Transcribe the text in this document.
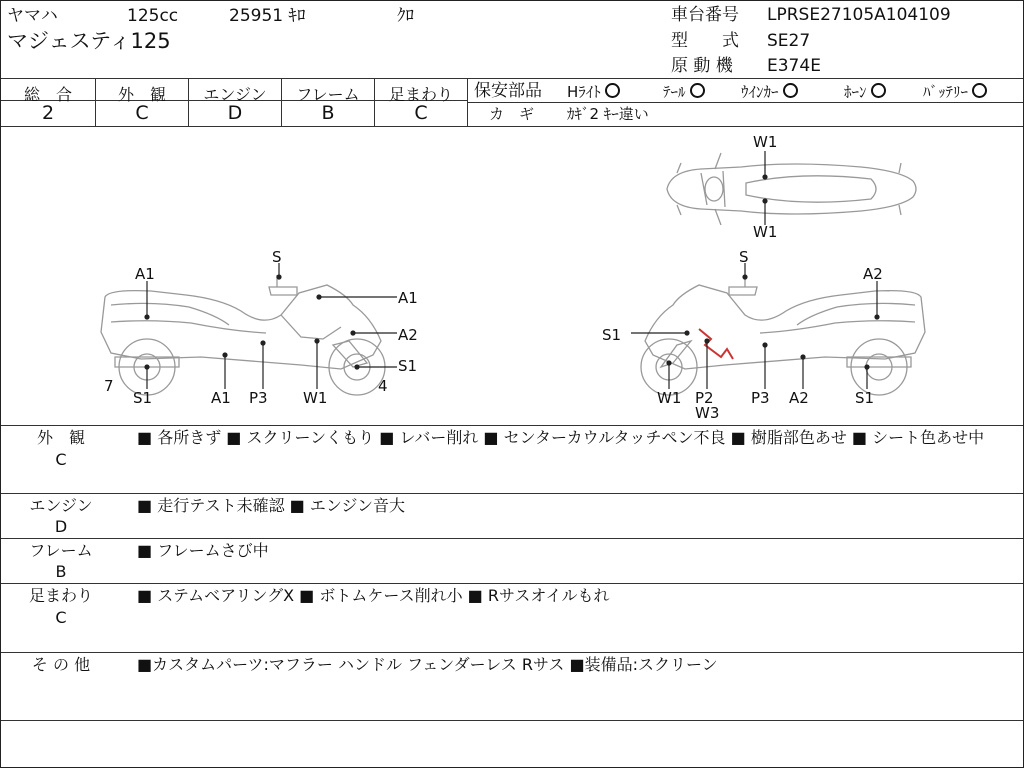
ヤマハ	125cc	25951 ｷﾛ	ｸﾛ
マジェスティ125
車台番号 LPRSE27105A104109
型　　式 SE27
原 動 機 E374E
総　合	外　観	エンジン	フレーム	足まわり
2	C	D	B	C
保安部品 Hﾗｲﾄ	ﾃｰﾙ	ｳｲﾝｶｰ	ﾎｰﾝ	ﾊﾞｯﾃﾘｰ
カ　ギ ｶｷﾞ2 ｷｰ違い
A1
S
A1
A2
S1
7
S1	A1 P3 W1
4
S
A2
S1
W1 P2
W3
P3 A2	S1
W1
W1
外　観
C
■ 各所きず ■ スクリーンくもり ■ レバー削れ ■ センターカウルタッチペン不良 ■ 樹脂部色あせ ■ シート色あせ中
エンジン
D
■ 走行テスト未確認 ■ エンジン音大
フレーム
B
■ フレームさび中
足まわり
C
■ ステムベアリングX ■ ボトムケース削れ小 ■ Rサスオイルもれ
そ の 他	■カスタムパーツ:マフラー ハンドル フェンダーレス Rサス ■装備品:スクリーン
